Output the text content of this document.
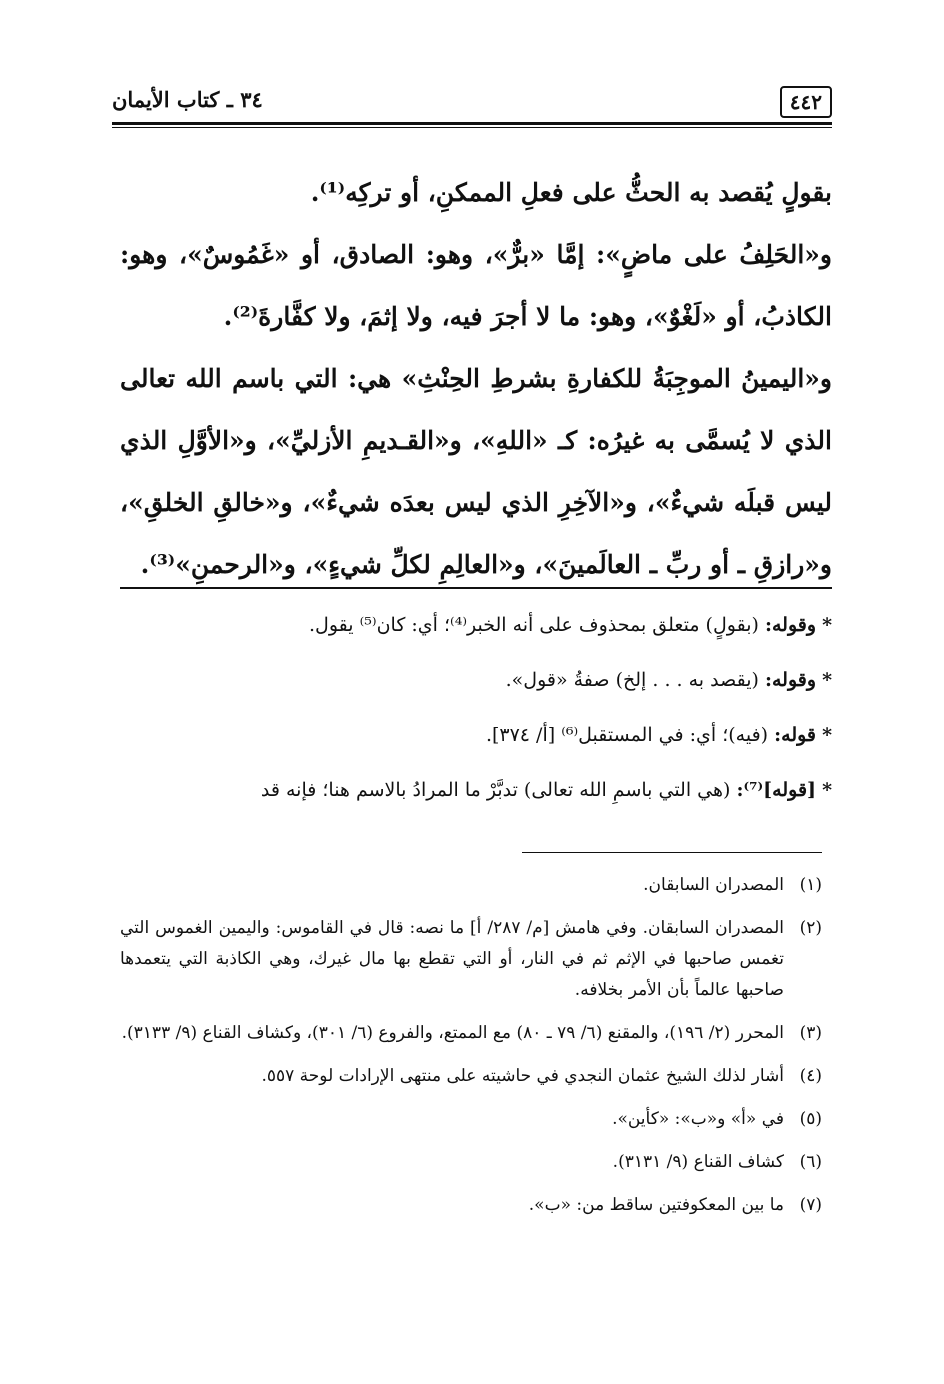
٤٤٢
٣٤ ـ كتاب الأيمان

بقولٍ يُقصد به الحثُّ على فعلِ الممكنِ، أو تركِه⁽¹⁾.

و«الحَلِفُ على ماضٍ»: إمَّا «برٌّ»، وهو: الصادق، أو «غَمُوسٌ»، وهو: الكاذبُ، أو «لَغْوٌ»، وهو: ما لا أجرَ فيه، ولا إثمَ، ولا كفَّارةَ⁽²⁾.

و«اليمينُ الموجِبَةُ للكفارةِ بشرطِ الحِنْثِ» هي: التي باسم الله تعالى الذي لا يُسمَّى به غيرُه: كـ «اللهِ»، و«القـديمِ الأزليِّ»، و«الأوَّلِ الذي ليس قبلَه شيءٌ»، و«الآخِرِ الذي ليس بعدَه شيءٌ»، و«خالقِ الخلقِ»، و«رازقِ ـ أو ربِّ ـ العالَمينَ»، و«العالِمِ لكلِّ شيءٍ»، و«الرحمنِ»⁽³⁾.

* وقوله: (بقولٍ) متعلق بمحذوف على أنه الخبر⁽⁴⁾؛ أي: كان⁽⁵⁾ يقول.

* وقوله: (يقصد به . . . إلخ) صفةُ «قول».

* قوله: (فيه)؛ أي: في المستقبل⁽⁶⁾ [أ/ ٣٧٤].

* [قوله]⁽⁷⁾: (هي التي باسمِ الله تعالى) تدبَّرْ ما المرادُ بالاسم هنا؛ فإنه قد

(١)
المصدران السابقان.
(٢)
المصدران السابقان. وفي هامش [م/ ٢٨٧/ أ] ما نصه: قال في القاموس: واليمين الغموس التي تغمس صاحبها في الإثم ثم في النار، أو التي تقطع بها مال غيرك، وهي الكاذبة التي يتعمدها صاحبها عالماً بأن الأمر بخلافه.
(٣)
المحرر (٢/ ١٩٦)، والمقنع (٦/ ٧٩ ـ ٨٠) مع الممتع، والفروع (٦/ ٣٠١)، وكشاف القناع (٩/ ٣١٣٣).
(٤)
أشار لذلك الشيخ عثمان النجدي في حاشيته على منتهى الإرادات لوحة ٥٥٧.
(٥)
في «أ» و«ب»: «كأين».
(٦)
كشاف القناع (٩/ ٣١٣١).
(٧)
ما بين المعكوفتين ساقط من: «ب».
